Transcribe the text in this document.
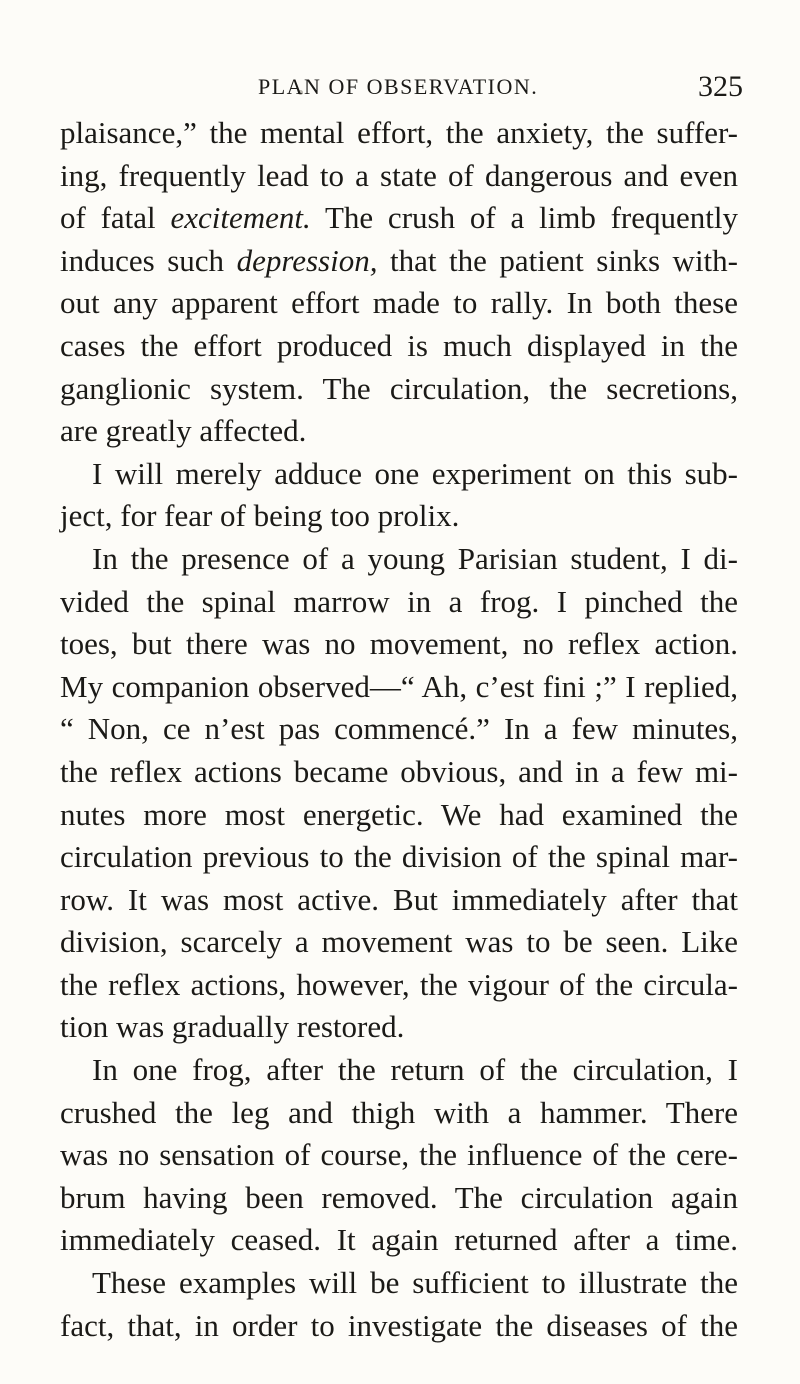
PLAN OF OBSERVATION.	325
plaisance,” the mental effort, the anxiety, the suffer-
ing, frequently lead to a state of dangerous and even
of fatal excitement. The crush of a limb frequently
induces such depression, that the patient sinks with-
out any apparent effort made to rally. In both these
cases the effort produced is much displayed in the
ganglionic system. The circulation, the secretions,
are greatly affected.
I will merely adduce one experiment on this sub-
ject, for fear of being too prolix.
In the presence of a young Parisian student, I di-
vided the spinal marrow in a frog. I pinched the
toes, but there was no movement, no reflex action.
My companion observed—“ Ah, c’est fini ;” I replied,
“ Non, ce n’est pas commencé.” In a few minutes,
the reflex actions became obvious, and in a few mi-
nutes more most energetic. We had examined the
circulation previous to the division of the spinal mar-
row. It was most active. But immediately after that
division, scarcely a movement was to be seen. Like
the reflex actions, however, the vigour of the circula-
tion was gradually restored.
In one frog, after the return of the circulation, I
crushed the leg and thigh with a hammer. There
was no sensation of course, the influence of the cere-
brum having been removed. The circulation again
immediately ceased. It again returned after a time.
These examples will be sufficient to illustrate the
fact, that, in order to investigate the diseases of the
